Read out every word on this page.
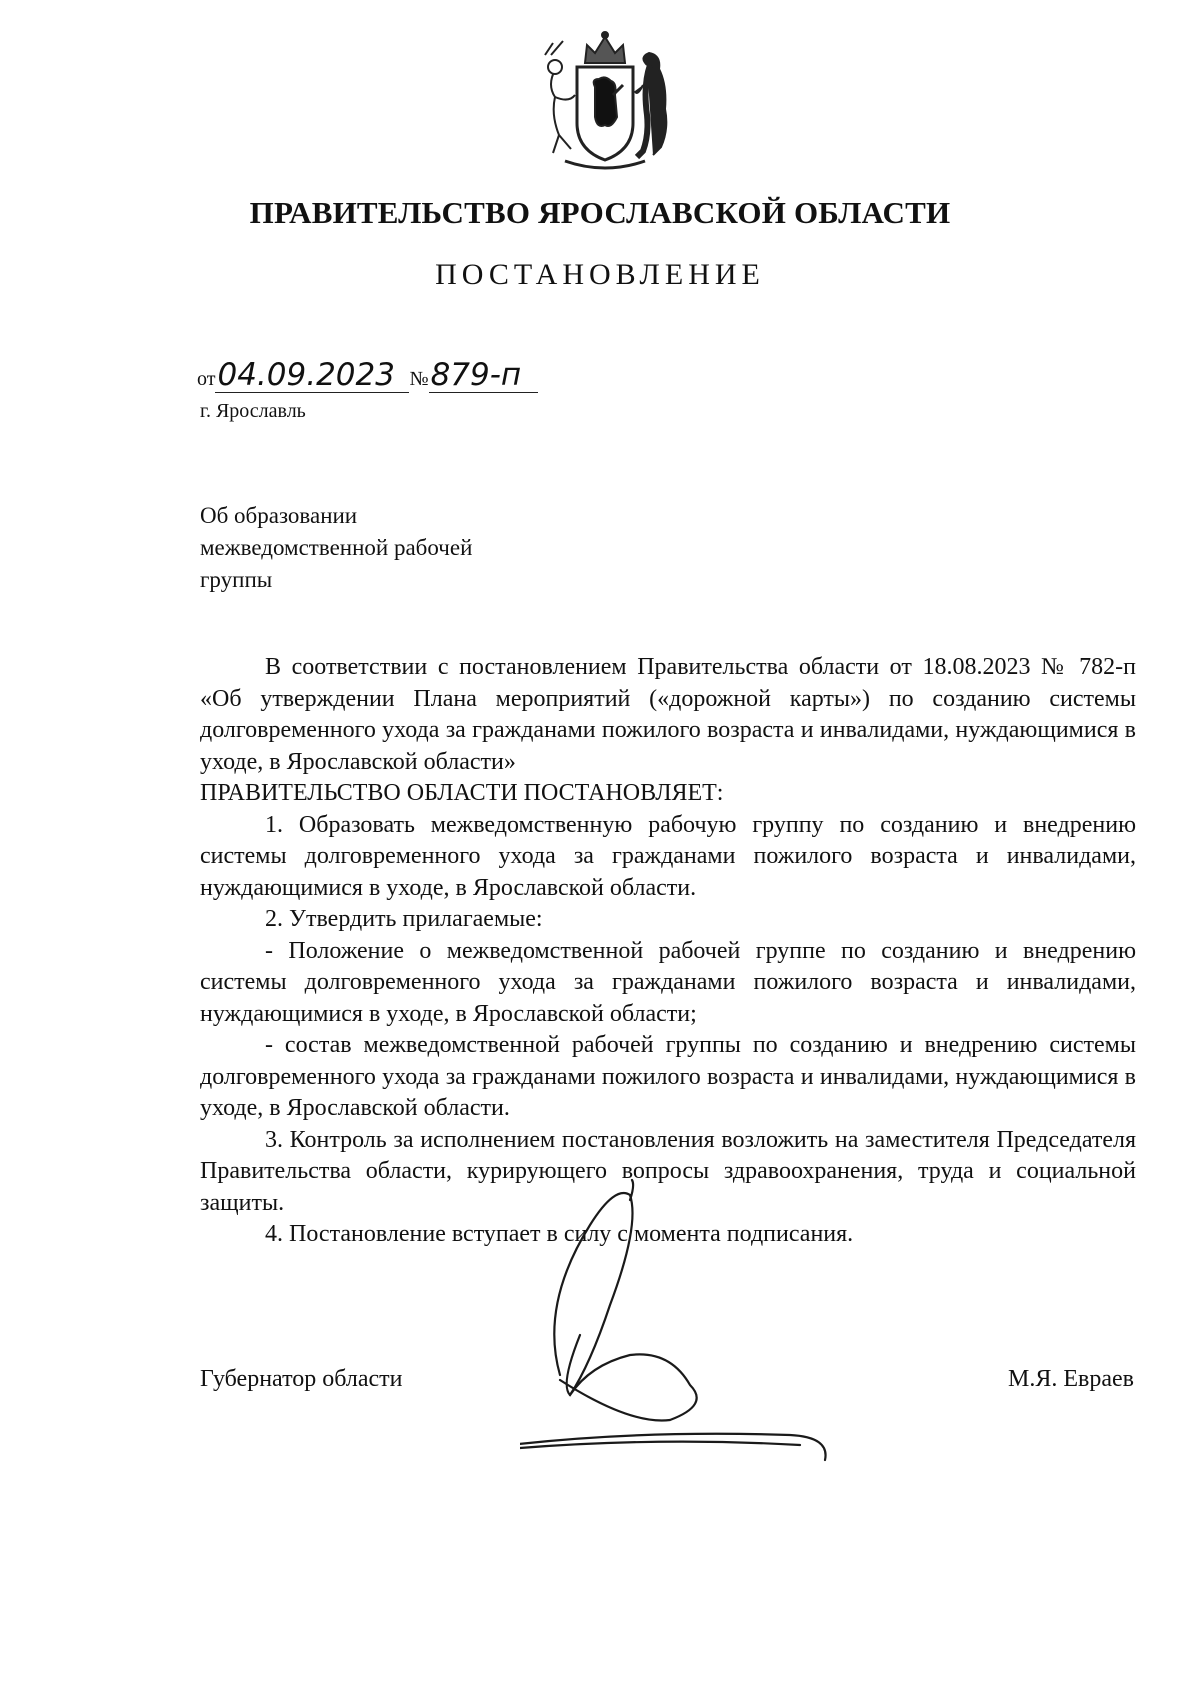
ПРАВИТЕЛЬСТВО ЯРОСЛАВСКОЙ ОБЛАСТИ
ПОСТАНОВЛЕНИЕ
от04.09.2023 №879-п
г. Ярославль
Об образовании
межведомственной рабочей
группы

В соответствии с постановлением Правительства области от 18.08.2023 № 782-п «Об утверждении Плана мероприятий («дорожной карты») по созданию системы долговременного ухода за гражданами пожилого возраста и инвалидами, нуждающимися в уходе, в Ярославской области»

ПРАВИТЕЛЬСТВО ОБЛАСТИ ПОСТАНОВЛЯЕТ:

1. Образовать межведомственную рабочую группу по созданию и внедрению системы долговременного ухода за гражданами пожилого возраста и инвалидами, нуждающимися в уходе, в Ярославской области.

2. Утвердить прилагаемые:

- Положение о межведомственной рабочей группе по созданию и внедрению системы долговременного ухода за гражданами пожилого возраста и инвалидами, нуждающимися в уходе, в Ярославской области;

- состав межведомственной рабочей группы по созданию и внедрению системы долговременного ухода за гражданами пожилого возраста и инвалидами, нуждающимися в уходе, в Ярославской области.

3. Контроль за исполнением постановления возложить на заместителя Председателя Правительства области, курирующего вопросы здравоохранения, труда и социальной защиты.

4. Постановление вступает в силу с момента подписания.

Губернатор области	М.Я. Евраев
